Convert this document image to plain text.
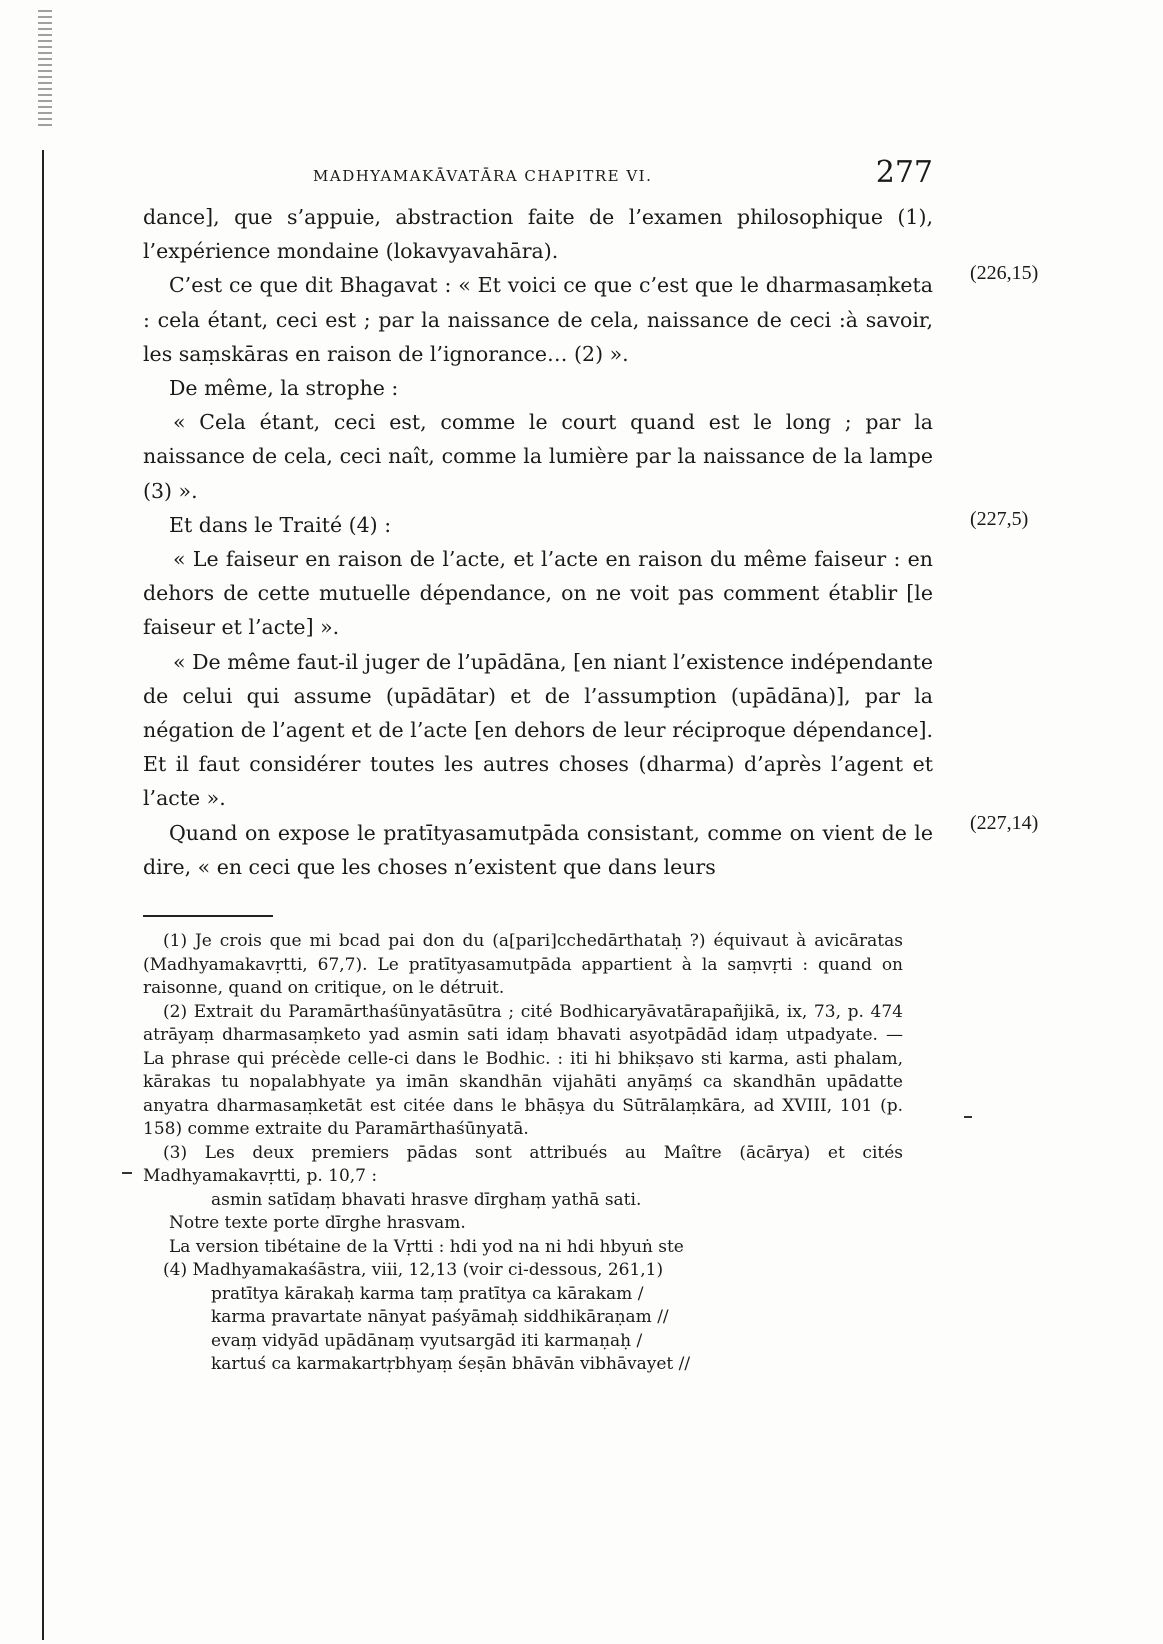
MADHYAMAKĀVATĀRA CHAPITRE VI.	277

dance], que s’appuie, abstraction faite de l’examen philosophique (1), l’expérience mondaine (lokavyavahāra).

C’est ce que dit Bhagavat : « Et voici ce que c’est que le dharmasaṃketa : cela étant, ceci est ; par la naissance de cela, naissance de ceci :à savoir, les saṃskāras en raison de l’ignorance… (2) ».

De même, la strophe :

« Cela étant, ceci est, comme le court quand est le long ; par la naissance de cela, ceci naît, comme la lumière par la naissance de la lampe (3) ».

Et dans le Traité (4) :

« Le faiseur en raison de l’acte, et l’acte en raison du même faiseur : en dehors de cette mutuelle dépendance, on ne voit pas comment établir [le faiseur et l’acte] ».

« De même faut-il juger de l’upādāna, [en niant l’existence indépendante de celui qui assume (upādātar) et de l’assumption (upādāna)], par la négation de l’agent et de l’acte [en dehors de leur réciproque dépendance]. Et il faut considérer toutes les autres choses (dharma) d’après l’agent et l’acte ».

Quand on expose le pratītyasamutpāda consistant, comme on vient de le dire, « en ceci que les choses n’existent que dans leurs

(226,15)
(227,5)
(227,14)

(1) Je crois que mi bcad pai don du (a[pari]cchedārthataḥ ?) équivaut à avicāratas (Madhyamakavṛtti, 67,7). Le pratītyasamutpāda appartient à la saṃvṛti : quand on raisonne, quand on critique, on le détruit.

(2) Extrait du Paramārthaśūnyatāsūtra ; cité Bodhicaryāvatārapañjikā, ix, 73, p. 474 atrāyaṃ dharmasaṃketo yad asmin sati idaṃ bhavati asyotpādād idaṃ utpadyate. — La phrase qui précède celle-ci dans le Bodhic. : iti hi bhikṣavo sti karma, asti phalam, kārakas tu nopalabhyate ya imān skandhān vijahāti anyāṃś ca skandhān upādatte anyatra dharmasaṃketāt est citée dans le bhāṣya du Sūtrālaṃkāra, ad XVIII, 101 (p. 158) comme extraite du Paramārthaśūnyatā.

(3) Les deux premiers pādas sont attribués au Maître (ācārya) et cités Madhyamakavṛtti, p. 10,7 :

asmin satīdaṃ bhavati hrasve dīrghaṃ yathā sati.

Notre texte porte dīrghe hrasvam.

La version tibétaine de la Vṛtti : hdi yod na ni hdi hbyuṅ ste

(4) Madhyamakaśāstra, viii, 12,13 (voir ci-dessous, 261,1)

pratītya kārakaḥ karma taṃ pratītya ca kārakam /

karma pravartate nānyat paśyāmaḥ siddhikāraṇam //

evaṃ vidyād upādānaṃ vyutsargād iti karmaṇaḥ /

kartuś ca karmakartṛbhyaṃ śeṣān bhāvān vibhāvayet //
